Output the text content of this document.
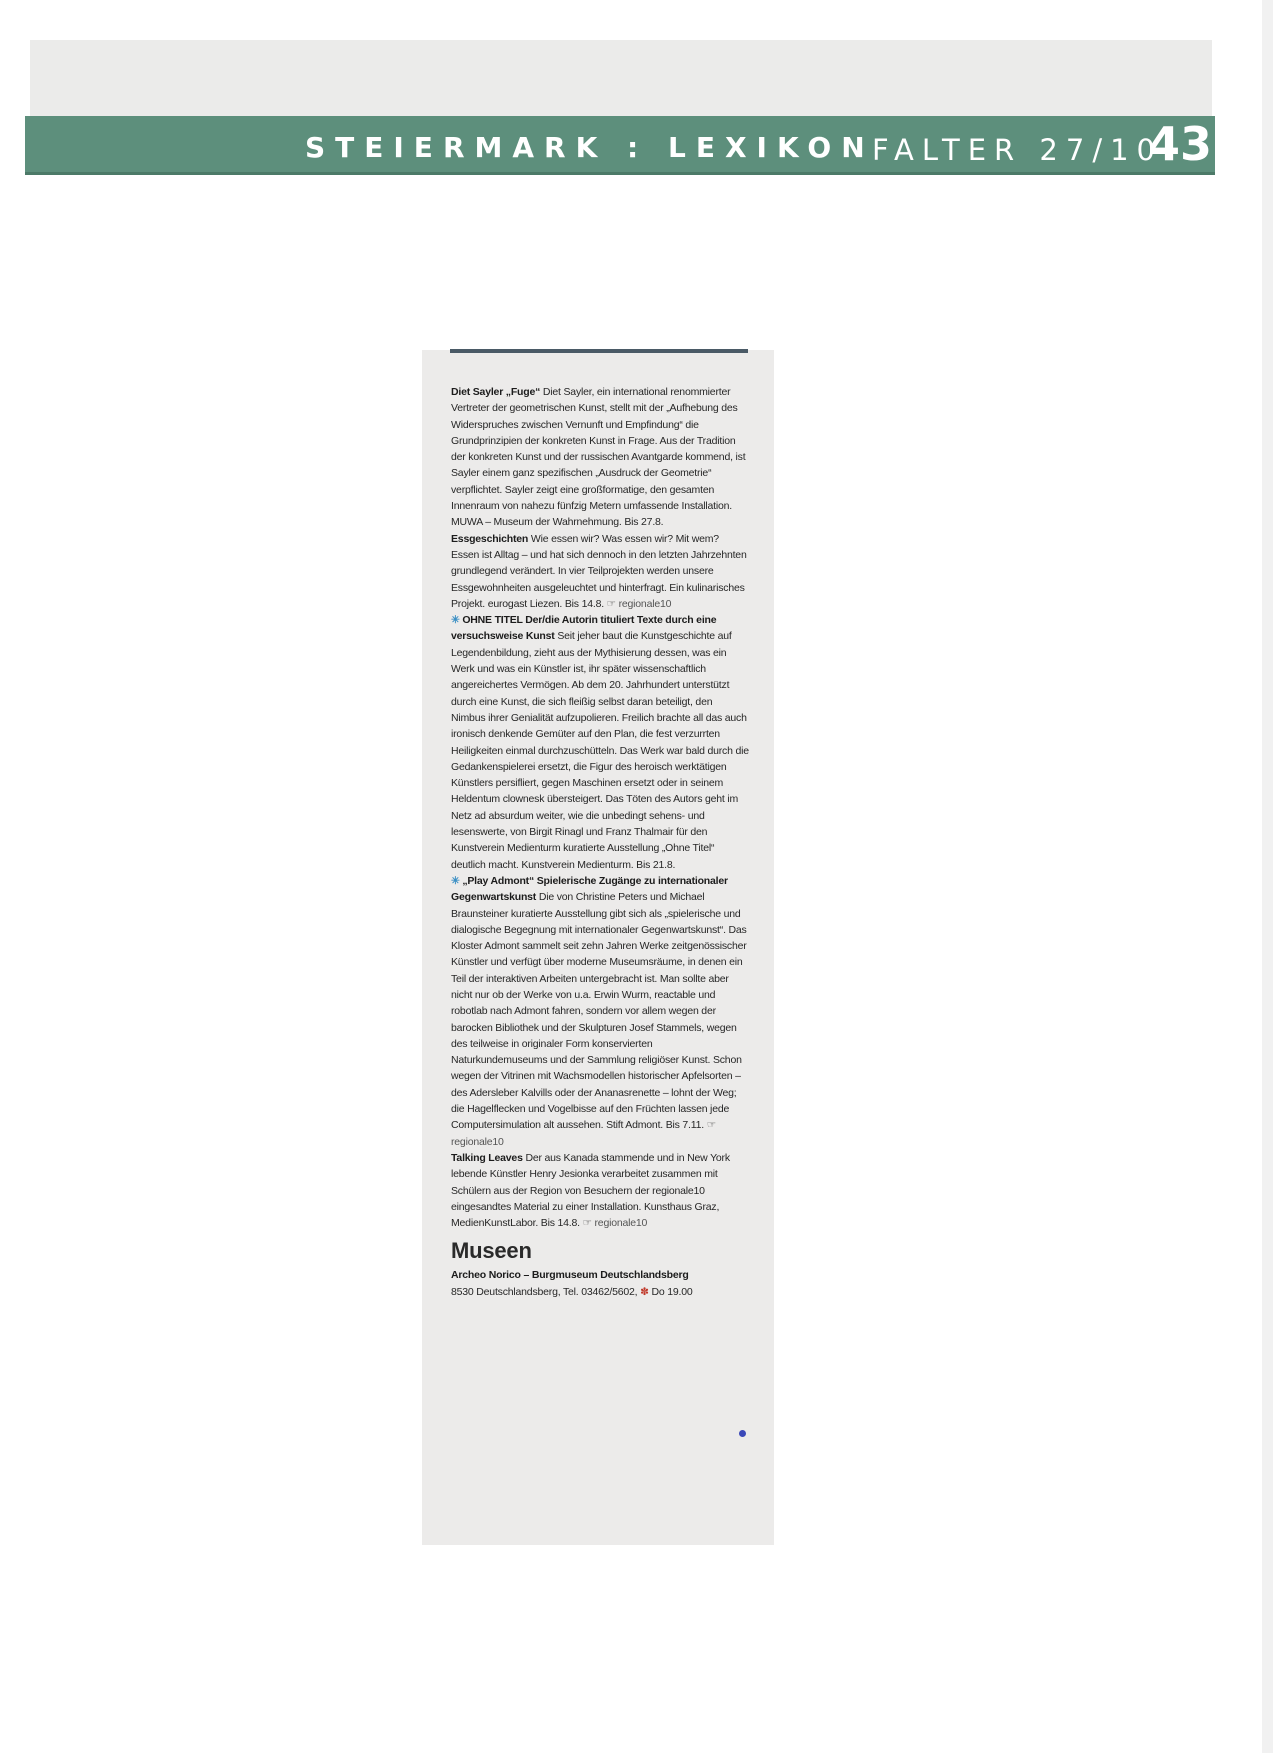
STEIERMARK : LEXIKON
FALTER 27/10
43

Diet Sayler „Fuge“ Diet Sayler, ein international renommierter Vertreter der geometrischen Kunst, stellt mit der „Aufhebung des Widerspruches zwischen Vernunft und Empfindung“ die Grundprinzipien der konkreten Kunst in Frage. Aus der Tradition der konkreten Kunst und der russischen Avantgarde kommend, ist Sayler einem ganz spezifischen „Ausdruck der Geometrie“ verpflichtet. Sayler zeigt eine großformatige, den gesamten Innenraum von nahezu fünfzig Metern umfassende Installation. MUWA – Museum der Wahrnehmung. Bis 27.8.

Essgeschichten Wie essen wir? Was essen wir? Mit wem? Essen ist Alltag – und hat sich dennoch in den letzten Jahrzehnten grundlegend verändert. In vier Teilprojekten werden unsere Essgewohnheiten ausgeleuchtet und hinterfragt. Ein kulinarisches Projekt. eurogast Liezen. Bis 14.8. ☞ regionale10

✳ OHNE TITEL Der/die Autorin tituliert Texte durch eine versuchsweise Kunst Seit jeher baut die Kunstgeschichte auf Legendenbildung, zieht aus der Mythisierung dessen, was ein Werk und was ein Künstler ist, ihr später wissenschaftlich angereichertes Vermögen. Ab dem 20. Jahrhundert unterstützt durch eine Kunst, die sich fleißig selbst daran beteiligt, den Nimbus ihrer Genialität aufzupolieren. Freilich brachte all das auch ironisch denkende Gemüter auf den Plan, die fest verzurrten Heiligkeiten einmal durchzuschütteln. Das Werk war bald durch die Gedankenspielerei ersetzt, die Figur des heroisch werktätigen Künstlers persifliert, gegen Maschinen ersetzt oder in seinem Heldentum clownesk übersteigert. Das Töten des Autors geht im Netz ad absurdum weiter, wie die unbedingt sehens- und lesenswerte, von Birgit Rinagl und Franz Thalmair für den Kunstverein Medienturm kuratierte Ausstellung „Ohne Titel“ deutlich macht. Kunstverein Medienturm. Bis 21.8.

✳ „Play Admont“ Spielerische Zugänge zu internationaler Gegenwartskunst Die von Christine Peters und Michael Braunsteiner kuratierte Ausstellung gibt sich als „spielerische und dialogische Begegnung mit internationaler Gegenwartskunst“. Das Kloster Admont sammelt seit zehn Jahren Werke zeitgenössischer Künstler und verfügt über moderne Museumsräume, in denen ein Teil der interaktiven Arbeiten untergebracht ist. Man sollte aber nicht nur ob der Werke von u.a. Erwin Wurm, reactable und robotlab nach Admont fahren, sondern vor allem wegen der barocken Bibliothek und der Skulpturen Josef Stammels, wegen des teilweise in originaler Form konservierten Naturkundemuseums und der Sammlung religiöser Kunst. Schon wegen der Vitrinen mit Wachsmodellen historischer Apfelsorten – des Adersleber Kalvills oder der Ananasrenette – lohnt der Weg; die Hagelflecken und Vogelbisse auf den Früchten lassen jede Computersimulation alt aussehen. Stift Admont. Bis 7.11. ☞ regionale10

Talking Leaves Der aus Kanada stammende und in New York lebende Künstler Henry Jesionka verarbeitet zusammen mit Schülern aus der Region von Besuchern der regionale10 eingesandtes Material zu einer Installation. Kunsthaus Graz, MedienKunstLabor. Bis 14.8. ☞ regionale10

Museen

Archeo Norico – Burgmuseum Deutschlandsberg
8530 Deutschlandsberg, Tel. 03462/5602, ✽ Do 19.00
